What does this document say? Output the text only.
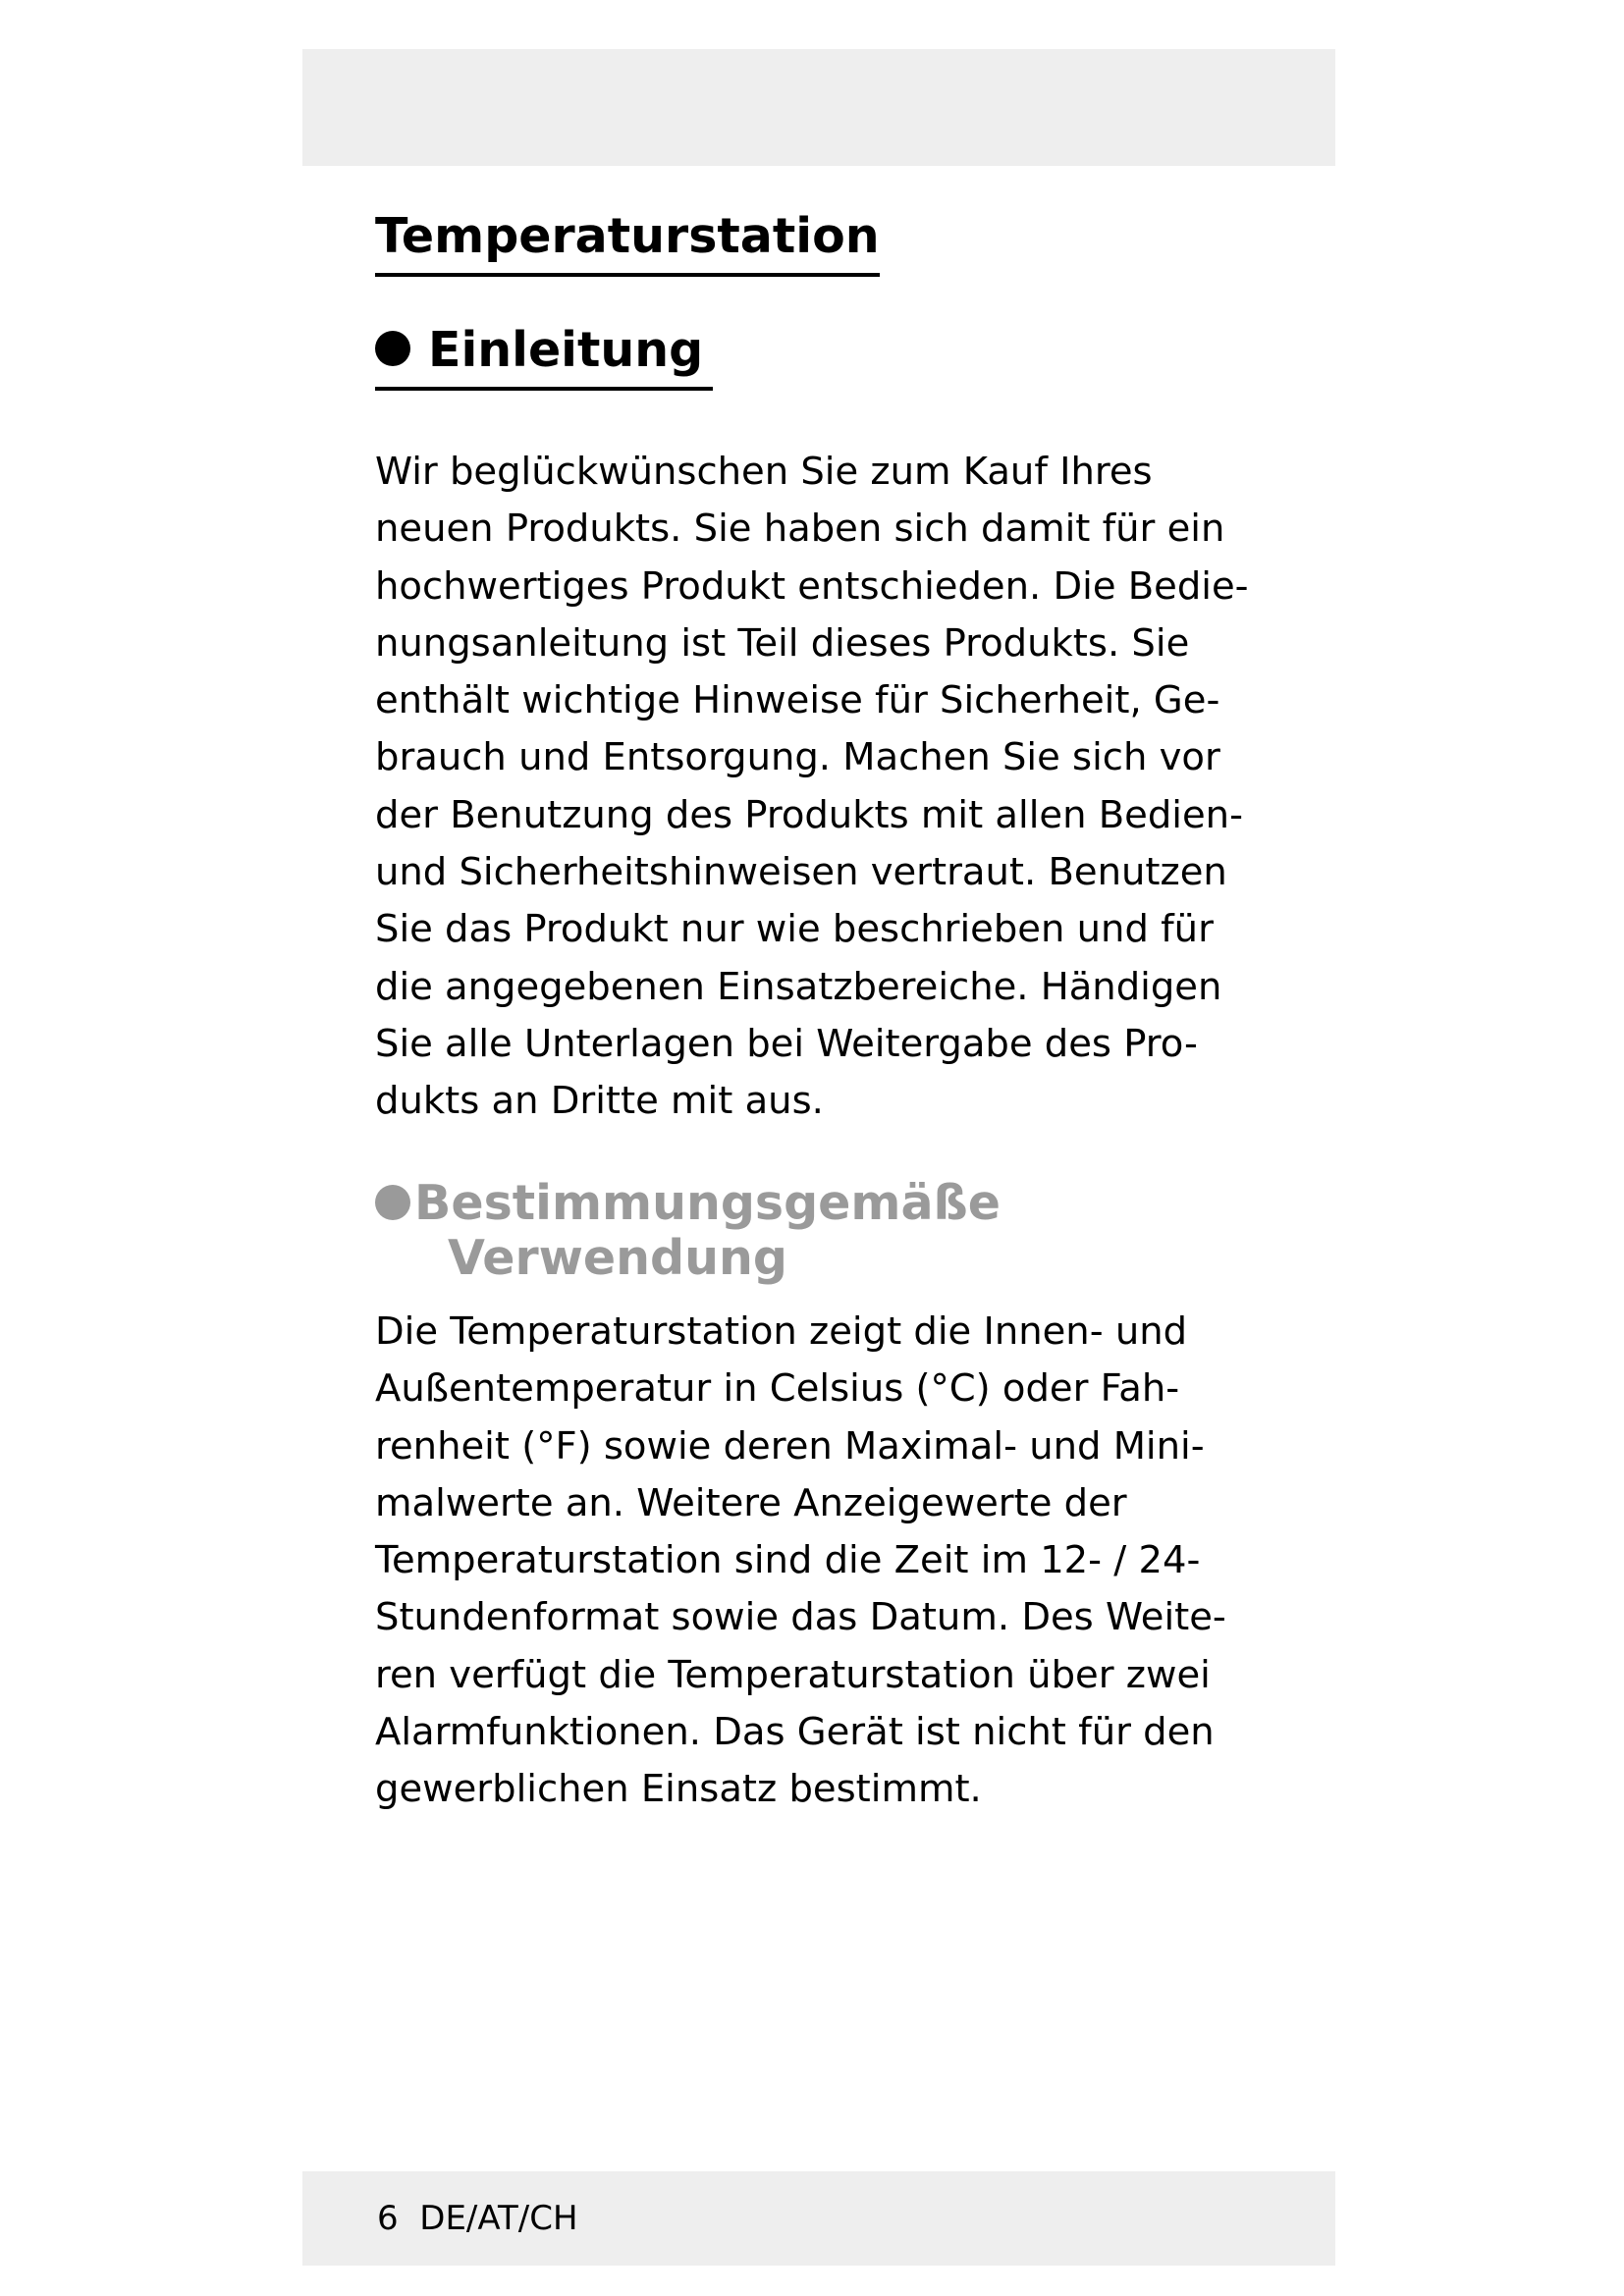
Temperaturstation
Einleitung

Wir beglückwünschen Sie zum Kauf Ihres
neuen Produkts. Sie haben sich damit für ein
hochwertiges Produkt entschieden. Die Bedie-
nungsanleitung ist Teil dieses Produkts. Sie
enthält wichtige Hinweise für Sicherheit, Ge-
brauch und Entsorgung. Machen Sie sich vor
der Benutzung des Produkts mit allen Bedien-
und Sicherheitshinweisen vertraut. Benutzen
Sie das Produkt nur wie beschrieben und für
die angegebenen Einsatzbereiche. Händigen
Sie alle Unterlagen bei Weitergabe des Pro-
dukts an Dritte mit aus.

Bestimmungsgemäße
Verwendung

Die Temperaturstation zeigt die Innen- und
Außentemperatur in Celsius (°C) oder Fah-
renheit (°F) sowie deren Maximal- und Mini-
malwerte an. Weitere Anzeigewerte der
Temperaturstation sind die Zeit im 12- / 24-
Stundenformat sowie das Datum. Des Weite-
ren verfügt die Temperaturstation über zwei
Alarmfunktionen. Das Gerät ist nicht für den
gewerblichen Einsatz bestimmt.

6 DE/AT/CH
